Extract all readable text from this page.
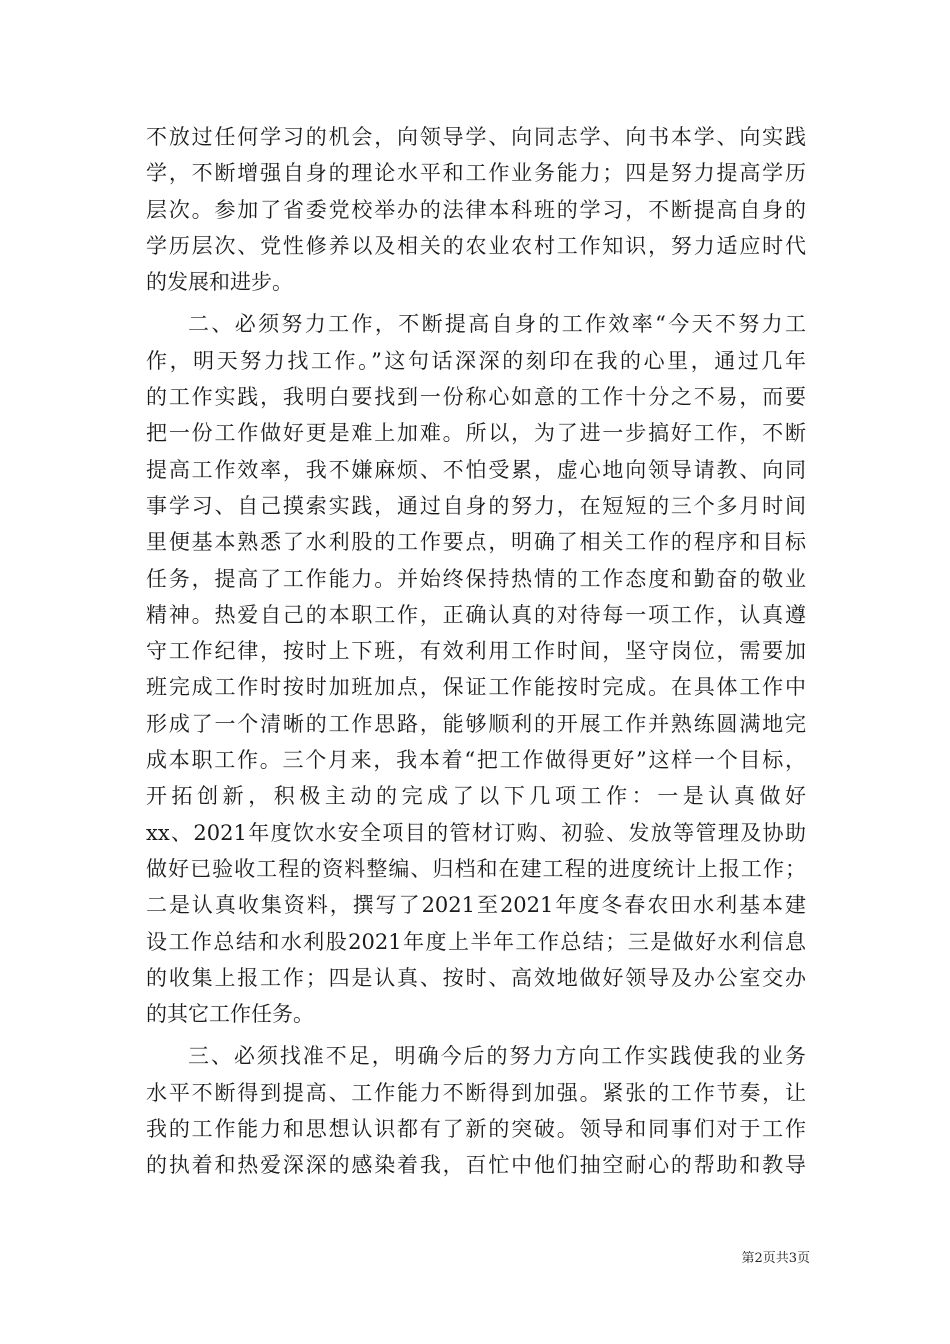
不放过任何学习的机会，向领导学、向同志学、向书本学、向实践
学，不断增强自身的理论水平和工作业务能力；四是努力提高学历
层次。参加了省委党校举办的法律本科班的学习，不断提高自身的
学历层次、党性修养以及相关的农业农村工作知识，努力适应时代
的发展和进步。
二、必须努力工作，不断提高自身的工作效率“今天不努力工
作，明天努力找工作。”这句话深深的刻印在我的心里，通过几年
的工作实践，我明白要找到一份称心如意的工作十分之不易，而要
把一份工作做好更是难上加难。所以，为了进一步搞好工作，不断
提高工作效率，我不嫌麻烦、不怕受累，虚心地向领导请教、向同
事学习、自己摸索实践，通过自身的努力，在短短的三个多月时间
里便基本熟悉了水利股的工作要点，明确了相关工作的程序和目标
任务，提高了工作能力。并始终保持热情的工作态度和勤奋的敬业
精神。热爱自己的本职工作，正确认真的对待每一项工作，认真遵
守工作纪律，按时上下班，有效利用工作时间，坚守岗位，需要加
班完成工作时按时加班加点，保证工作能按时完成。在具体工作中
形成了一个清晰的工作思路，能够顺利的开展工作并熟练圆满地完
成本职工作。三个月来，我本着“把工作做得更好”这样一个目标，
开拓创新，积极主动的完成了以下几项工作：一是认真做好
xx、2021年度饮水安全项目的管材订购、初验、发放等管理及协助
做好已验收工程的资料整编、归档和在建工程的进度统计上报工作；
二是认真收集资料，撰写了2021至2021年度冬春农田水利基本建
设工作总结和水利股2021年度上半年工作总结；三是做好水利信息
的收集上报工作；四是认真、按时、高效地做好领导及办公室交办
的其它工作任务。
三、必须找准不足，明确今后的努力方向工作实践使我的业务
水平不断得到提高、工作能力不断得到加强。紧张的工作节奏，让
我的工作能力和思想认识都有了新的突破。领导和同事们对于工作
的执着和热爱深深的感染着我，百忙中他们抽空耐心的帮助和教导
第2页共3页
